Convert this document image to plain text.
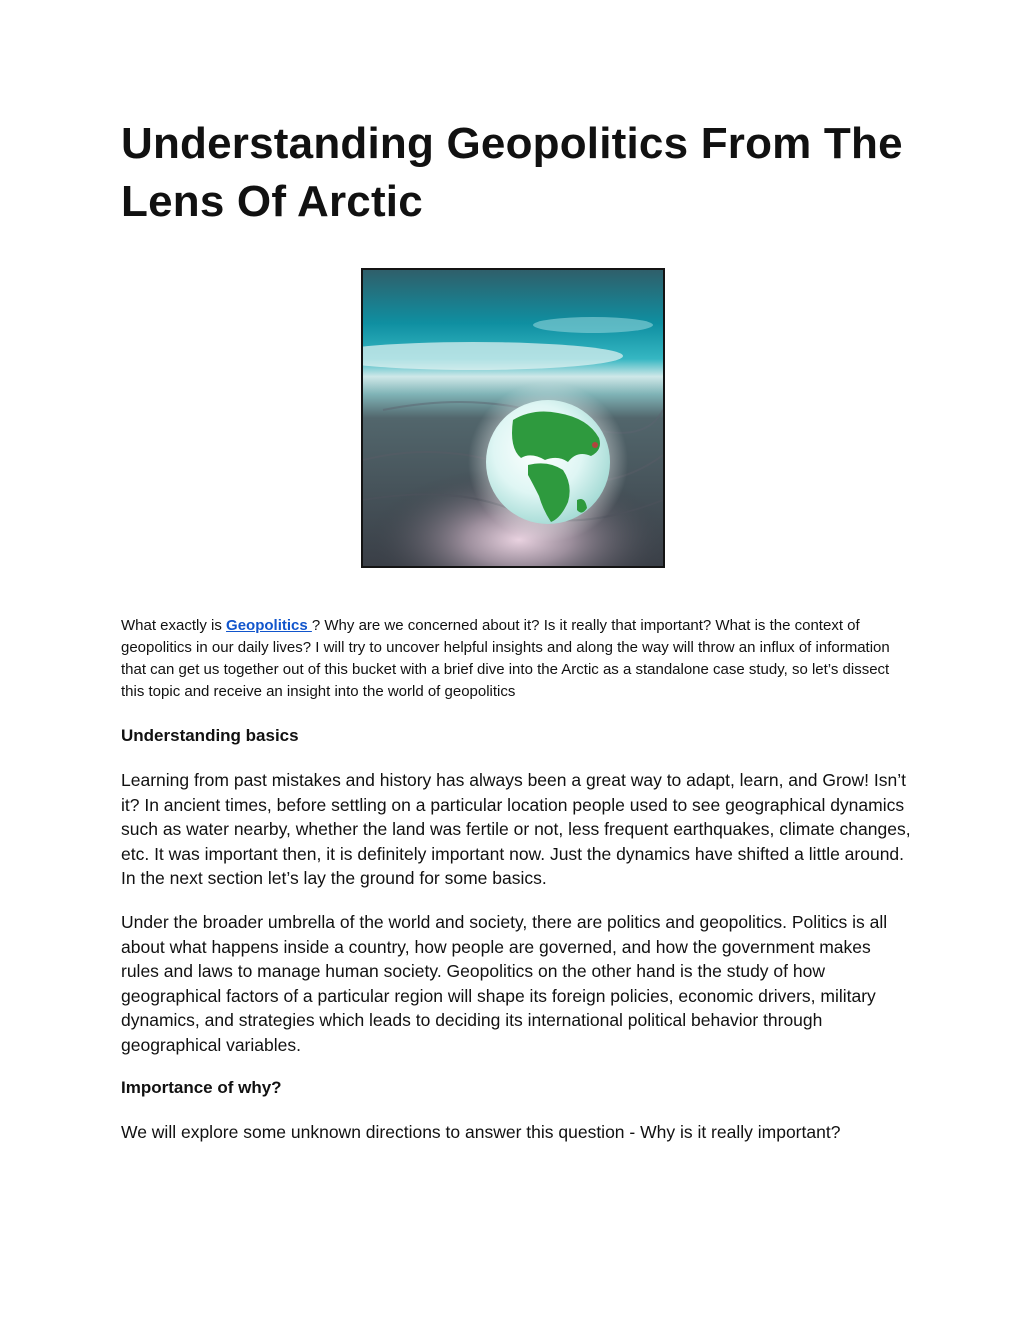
Understanding Geopolitics From The Lens Of Arctic

What exactly is Geopolitics ? Why are we concerned about it? Is it really that important? What is the context of geopolitics in our daily lives? I will try to uncover helpful insights and along the way will throw an influx of information that can get us together out of this bucket with a brief dive into the Arctic as a standalone case study, so let’s dissect this topic and receive an insight into the world of geopolitics

Understanding basics

Learning from past mistakes and history has always been a great way to adapt, learn, and Grow! Isn’t it? In ancient times, before settling on a particular location people used to see geographical dynamics such as water nearby, whether the land was fertile or not, less frequent earthquakes, climate changes, etc. It was important then, it is definitely important now. Just the dynamics have shifted a little around. In the next section let’s lay the ground for some basics.

Under the broader umbrella of the world and society, there are politics and geopolitics. Politics is all about what happens inside a country, how people are governed, and how the government makes rules and laws to manage human society. Geopolitics on the other hand is the study of how geographical factors of a particular region will shape its foreign policies, economic drivers, military dynamics, and strategies which leads to deciding its international political behavior through geographical variables.

Importance of why?

We will explore some unknown directions to answer this question - Why is it really important?
